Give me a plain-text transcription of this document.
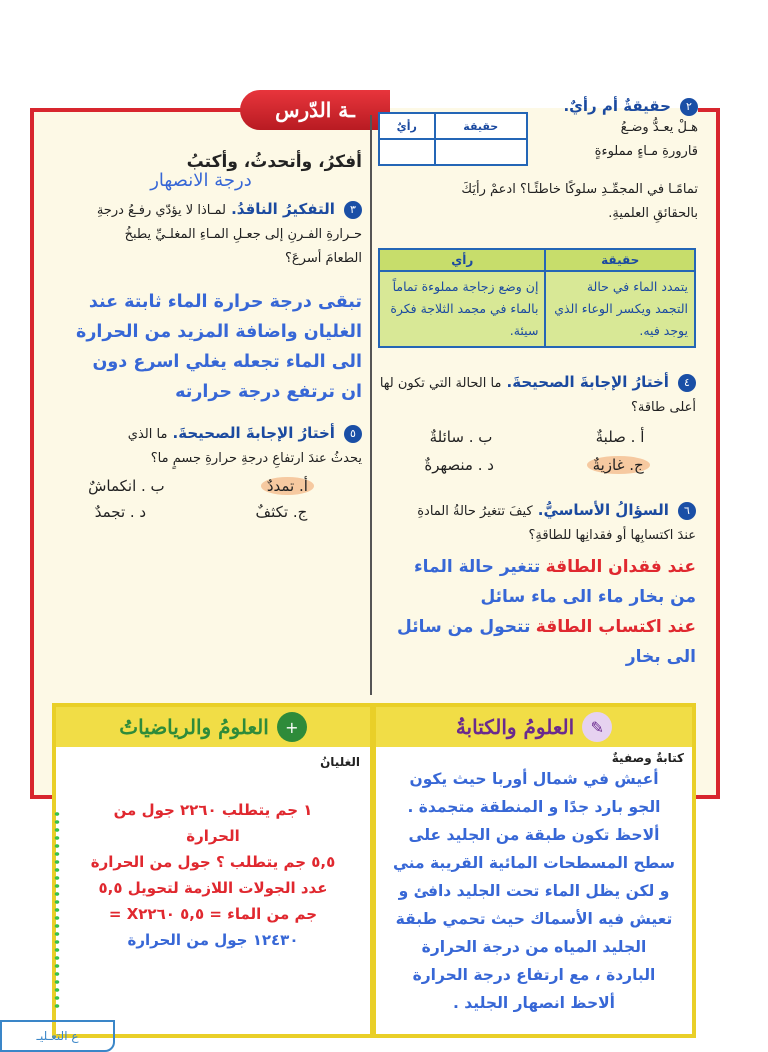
ـة الدّرس	٢ حقيقةٌ أم رأيٌ.
هـلْ يعـدُّ وضـعُ
قارورةِ مـاءٍ مملوءةٍ
حقيقة	رأيٌ

تمامًـا في المجمِّـدِ سلوكًا خاطئًـا؟ ادعمْ رأيَكَ
بالحقائقِ العلميةِ.
حقيقة	رأي
يتمدد الماء في حالة التجمد ويكسر الوعاء الذي يوجد فيه.	إن وضع زجاجة مملوءة تماماً بالماء في مجمد الثلاجة فكرة سيئة.
٤ أختارُ الإجابةَ الصحيحةَ. ما الحالة التي تكون لها أعلى طاقة؟
أ . صلبةٌ
ب . سائلةٌ
ج. غازيةٌ
د . منصهرةٌ
٦ السؤالُ الأساسيُّ. كيفَ تتغيرُ حالةُ المادةِ
عندَ اكتسابِها أو فقدانِها للطاقةِ؟
عند فقدان الطاقة تتغير حالة الماء
من بخار ماء الى ماء سائل
عند اكتساب الطاقة تتحول من سائل
الى بخار
أفكرُ، وأتحدثُ، وأكتبُ
درجة الانصهار
٣ التفكيرُ الناقدُ. لمـاذا لا يؤدّي رفـعُ درجةِ
حـرارةِ الفـرنِ إلى جعـلِ المـاءِ المغلـيِّ يطبخُ
الطعامَ أسرعَ؟
تبقى درجة حرارة الماء ثابتة عند
الغليان واضافة المزيد من الحرارة
الى الماء تجعله يغلي اسرع دون
ان ترتفع درجة حرارته
٥ أختارُ الإجابةَ الصحيحةَ. ما الذي
يحدثُ عندَ ارتفاعِ درجةِ حرارةِ جسمٍ ما؟
أ. تمددٌ
ب . انكماشٌ
ج. تكثفٌ
د . تجمدٌ
+
العلومُ والرياضياتُ
الغليانُ
١ جم يتطلب ٢٢٦٠ جول من
الحرارة
٥,٥ جم يتطلب ؟ جول من الحرارة
عدد الجولات اللازمة لتحويل ٥,٥
جم من الماء = ٥,٥ X٢٢٦٠ =
١٢٤٣٠ جول من الحرارة
✎
العلومُ والكتابةُ
كتابةٌ وصفيةٌ
أعيش في شمال أوربا حيث يكون
الجو بارد جدًا و المنطقة متجمدة .
ألاحظ تكون طبقة من الجليد على
سطح المسطحات المائية القريبة مني
و لكن يظل الماء تحت الجليد دافئ و
تعيش فيه الأسماك حيث تحمي طبقة
الجليد المياه من درجة الحرارة
الباردة ، مع ارتفاع درجة الحرارة
ألاحظ انصهار الجليد .
ع التعـليـ
